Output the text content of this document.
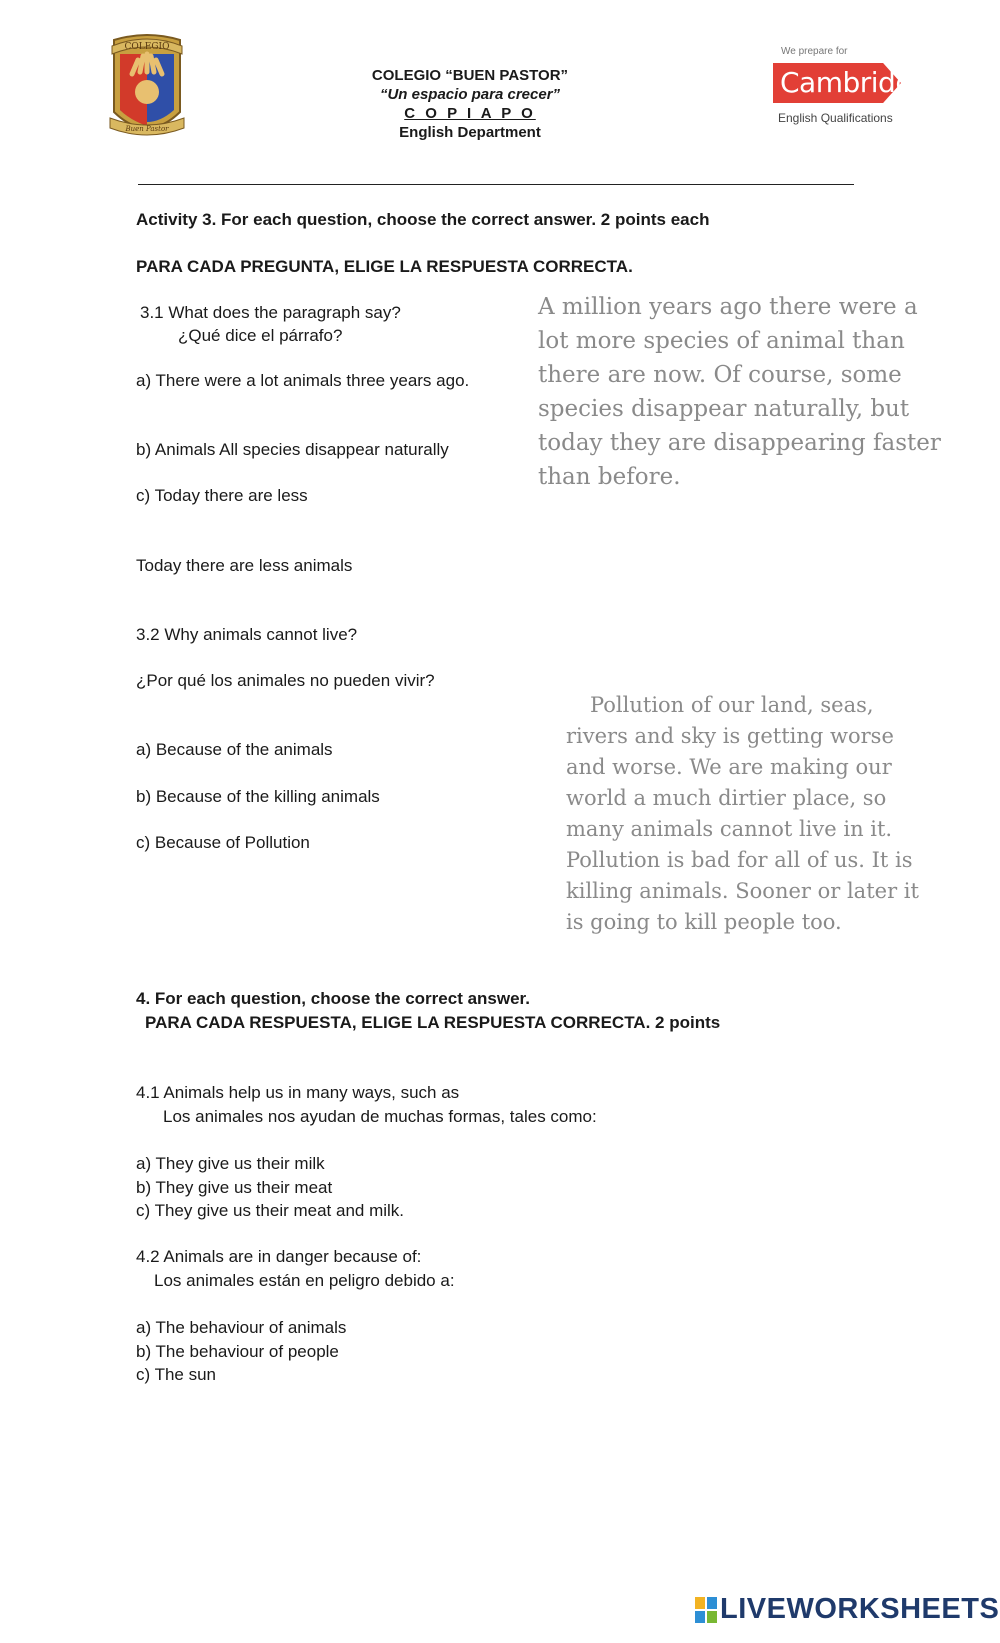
COLEGIO
Buen Pastor
COLEGIO “BUEN PASTOR”
“Un espacio para crecer”
C O P I A P O
English Department
We prepare for
Cambridge
English Qualifications
Activity 3. For each question, choose the correct answer. 2 points each
PARA CADA PREGUNTA, ELIGE LA RESPUESTA CORRECTA.
3.1 What does the paragraph say?
¿Qué dice el párrafo?
a) There were a lot animals three years ago.
b) Animals All species disappear naturally
c) Today there are less
Today there are less animals
A million years ago there were a
lot more species of animal than
there are now. Of course, some
species disappear naturally, but
today they are disappearing faster
than before.
3.2 Why animals cannot live?
¿Por qué los animales no pueden vivir?
a) Because of the animals
b) Because of the killing animals
c) Because of Pollution
Pollution of our land, seas,
rivers and sky is getting worse
and worse. We are making our
world a much dirtier place, so
many animals cannot live in it.
Pollution is bad for all of us. It is
killing animals. Sooner or later it
is going to kill people too.
4. For each question, choose the correct answer.
PARA CADA RESPUESTA, ELIGE LA RESPUESTA CORRECTA. 2 points
4.1 Animals help us in many ways, such as
Los animales nos ayudan de muchas formas, tales como:
a) They give us their milk
b) They give us their meat
c) They give us their meat and milk.
4.2 Animals are in danger because of:
Los animales están en peligro debido a:
a) The behaviour of animals
b) The behaviour of people
c) The sun
LIVEWORKSHEETS
